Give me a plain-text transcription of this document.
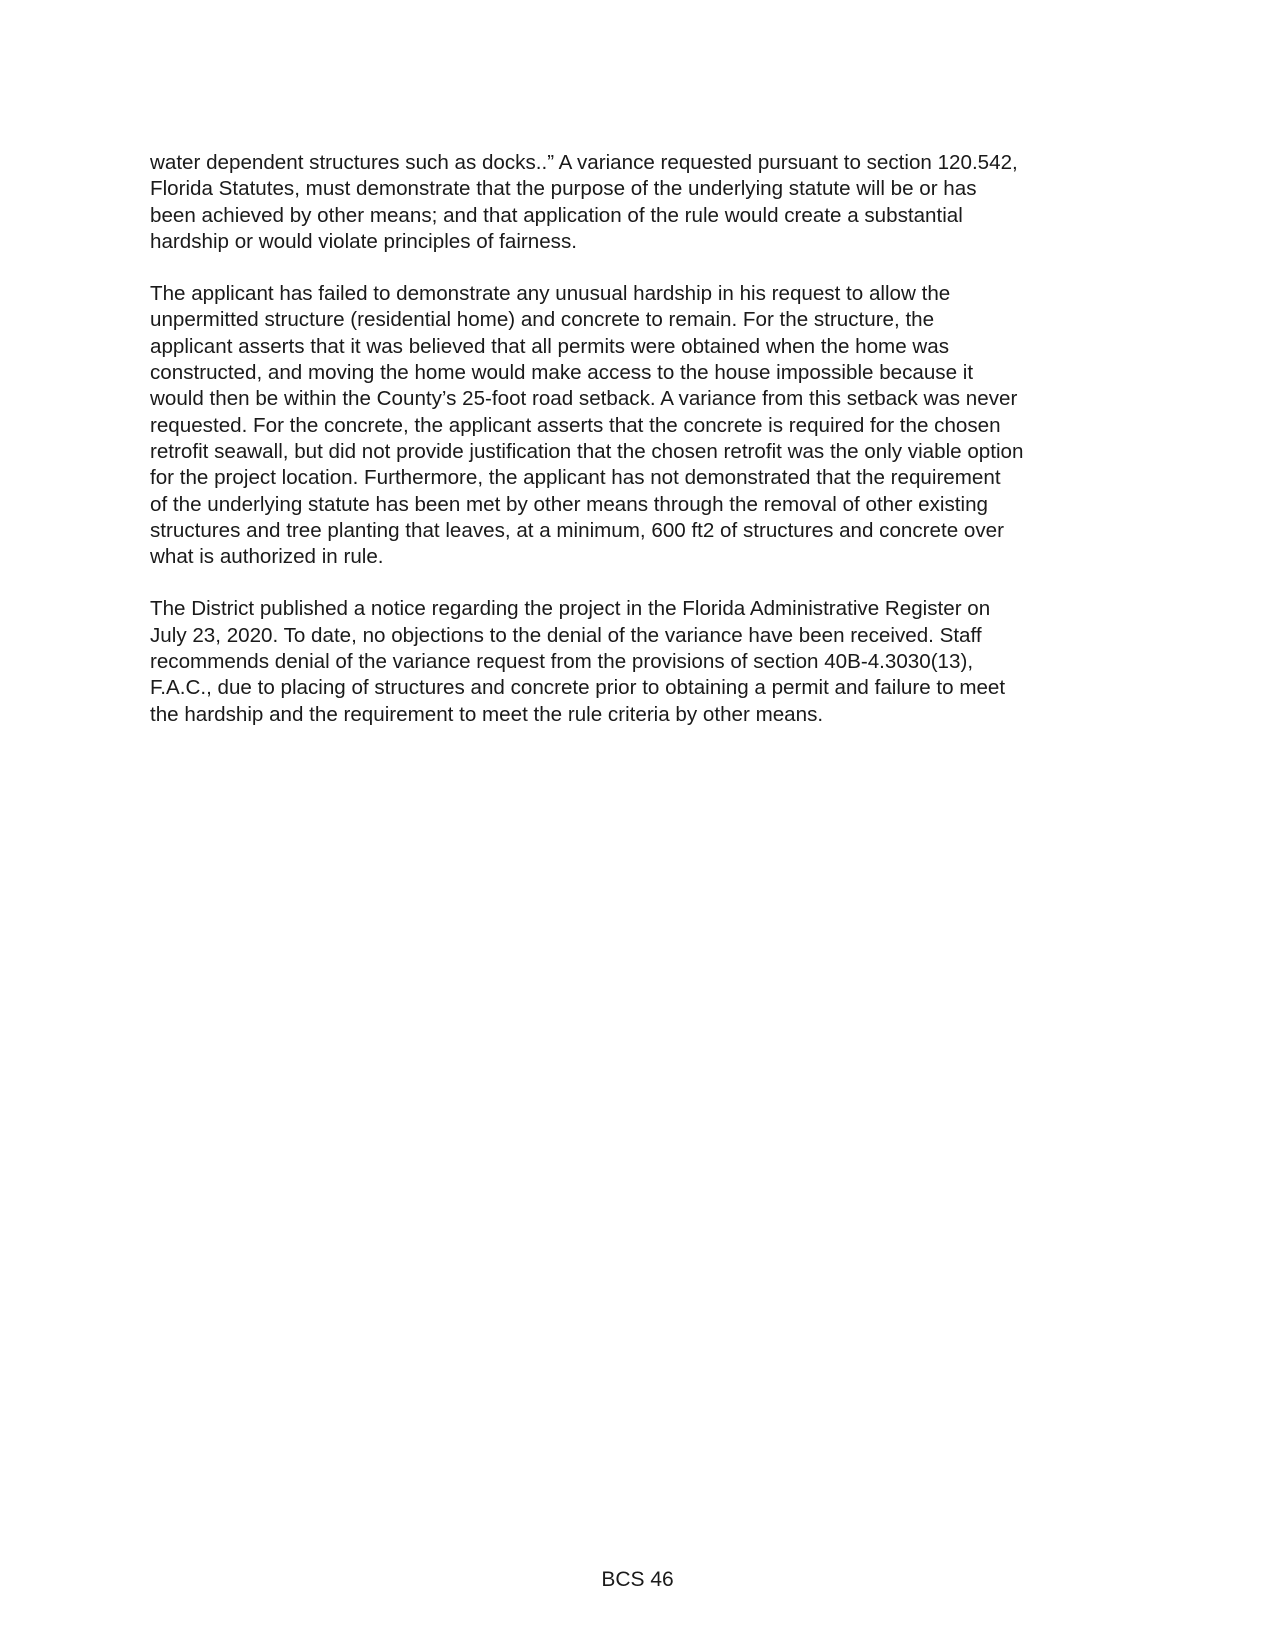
water dependent structures such as docks..” A variance requested pursuant to section 120.542,
Florida Statutes, must demonstrate that the purpose of the underlying statute will be or has
been achieved by other means; and that application of the rule would create a substantial
hardship or would violate principles of fairness.

The applicant has failed to demonstrate any unusual hardship in his request to allow the
unpermitted structure (residential home) and concrete to remain. For the structure, the
applicant asserts that it was believed that all permits were obtained when the home was
constructed, and moving the home would make access to the house impossible because it
would then be within the County’s 25-foot road setback. A variance from this setback was never
requested. For the concrete, the applicant asserts that the concrete is required for the chosen
retrofit seawall, but did not provide justification that the chosen retrofit was the only viable option
for the project location. Furthermore, the applicant has not demonstrated that the requirement
of the underlying statute has been met by other means through the removal of other existing
structures and tree planting that leaves, at a minimum, 600 ft2 of structures and concrete over
what is authorized in rule.

The District published a notice regarding the project in the Florida Administrative Register on
July 23, 2020. To date, no objections to the denial of the variance have been received. Staff
recommends denial of the variance request from the provisions of section 40B-4.3030(13),
F.A.C., due to placing of structures and concrete prior to obtaining a permit and failure to meet
the hardship and the requirement to meet the rule criteria by other means.

BCS 46
